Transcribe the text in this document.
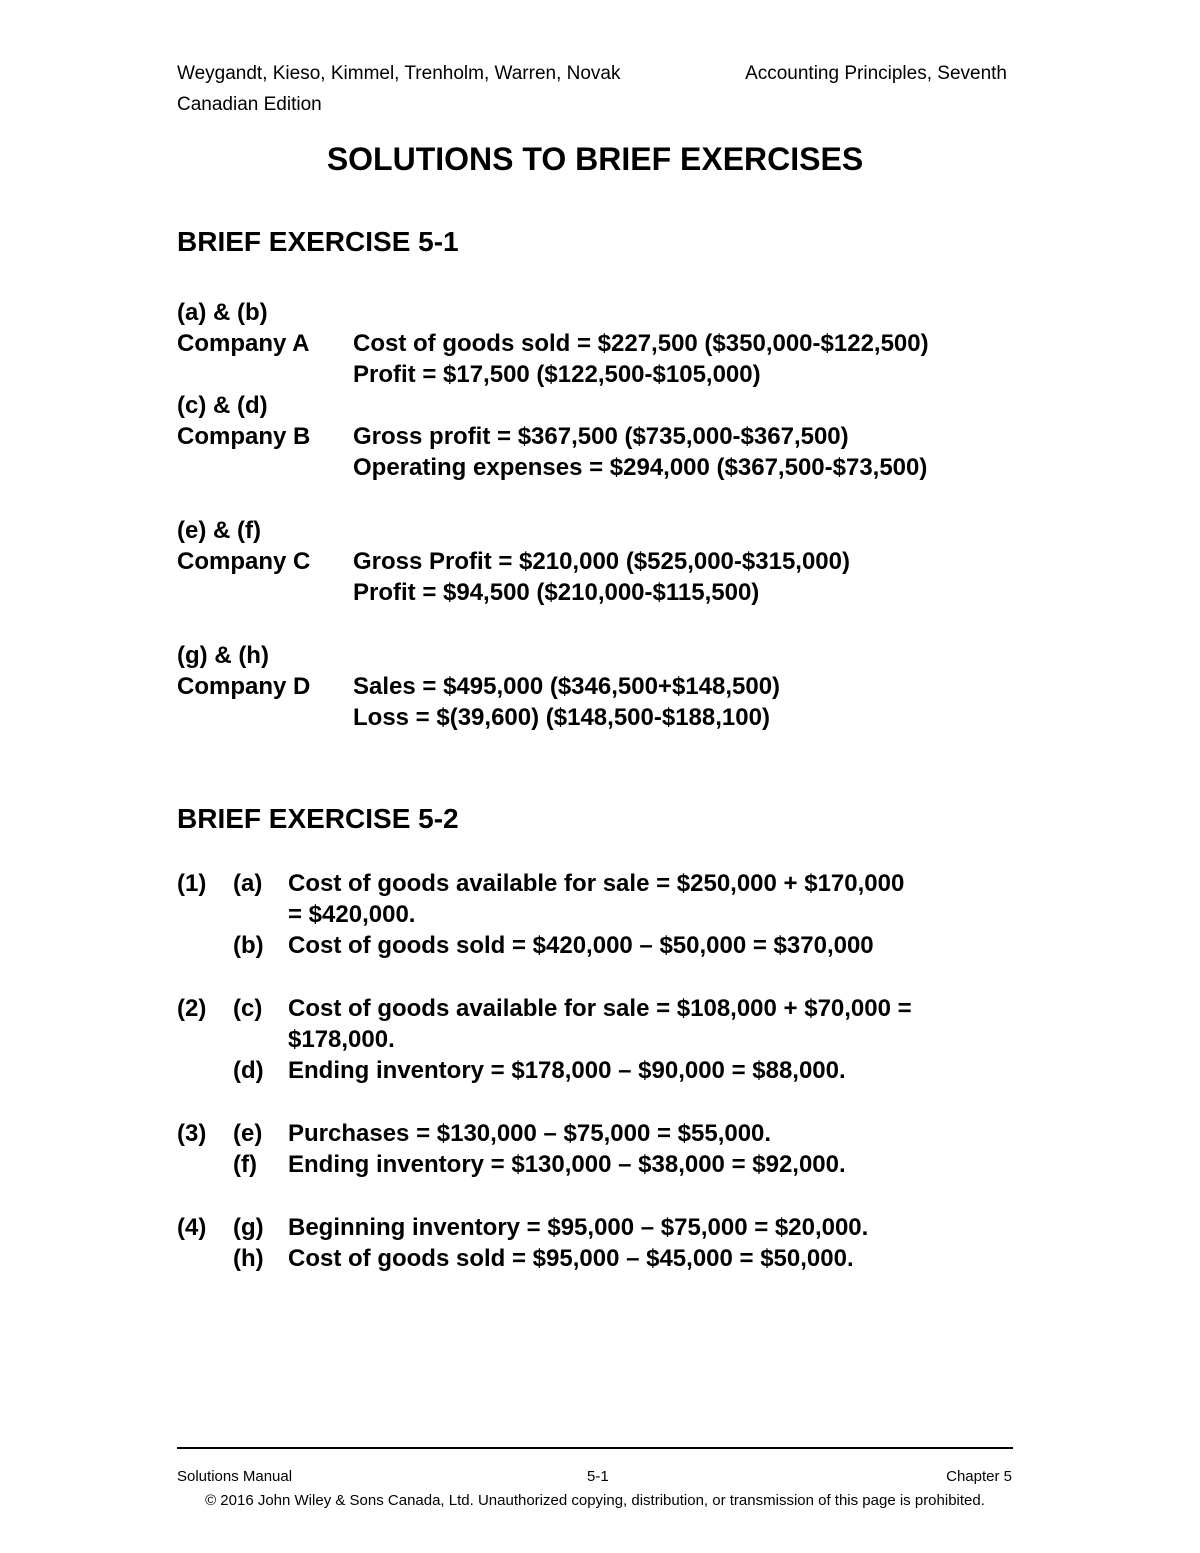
Weygandt, Kieso, Kimmel, Trenholm, Warren, Novak	Accounting Principles, Seventh
Canadian Edition
SOLUTIONS TO BRIEF EXERCISES
BRIEF EXERCISE 5-1
(a) & (b)
Company A	Cost of goods sold = $227,500 ($350,000-$122,500)
Profit = $17,500 ($122,500-$105,000)
(c) & (d)
Company B	Gross profit = $367,500 ($735,000-$367,500)
Operating expenses = $294,000 ($367,500-$73,500)
(e) & (f)
Company C	Gross Profit = $210,000 ($525,000-$315,000)
Profit = $94,500 ($210,000-$115,500)
(g) & (h)
Company D	Sales = $495,000 ($346,500+$148,500)
Loss = $(39,600) ($148,500-$188,100)
BRIEF EXERCISE 5-2
(1)	(a)	Cost of goods available for sale = $250,000 + $170,000
= $420,000.
(b)	Cost of goods sold = $420,000 – $50,000 = $370,000
(2)	(c)	Cost of goods available for sale = $108,000 + $70,000 =
$178,000.
(d)	Ending inventory = $178,000 – $90,000 = $88,000.
(3)	(e)	Purchases = $130,000 – $75,000 = $55,000.
(f)	Ending inventory = $130,000 – $38,000 = $92,000.
(4)	(g)	Beginning inventory = $95,000 – $75,000 = $20,000.
(h)	Cost of goods sold = $95,000 – $45,000 = $50,000.
Solutions Manual	5-1	Chapter 5
© 2016 John Wiley & Sons Canada, Ltd. Unauthorized copying, distribution, or transmission of this page is prohibited.
